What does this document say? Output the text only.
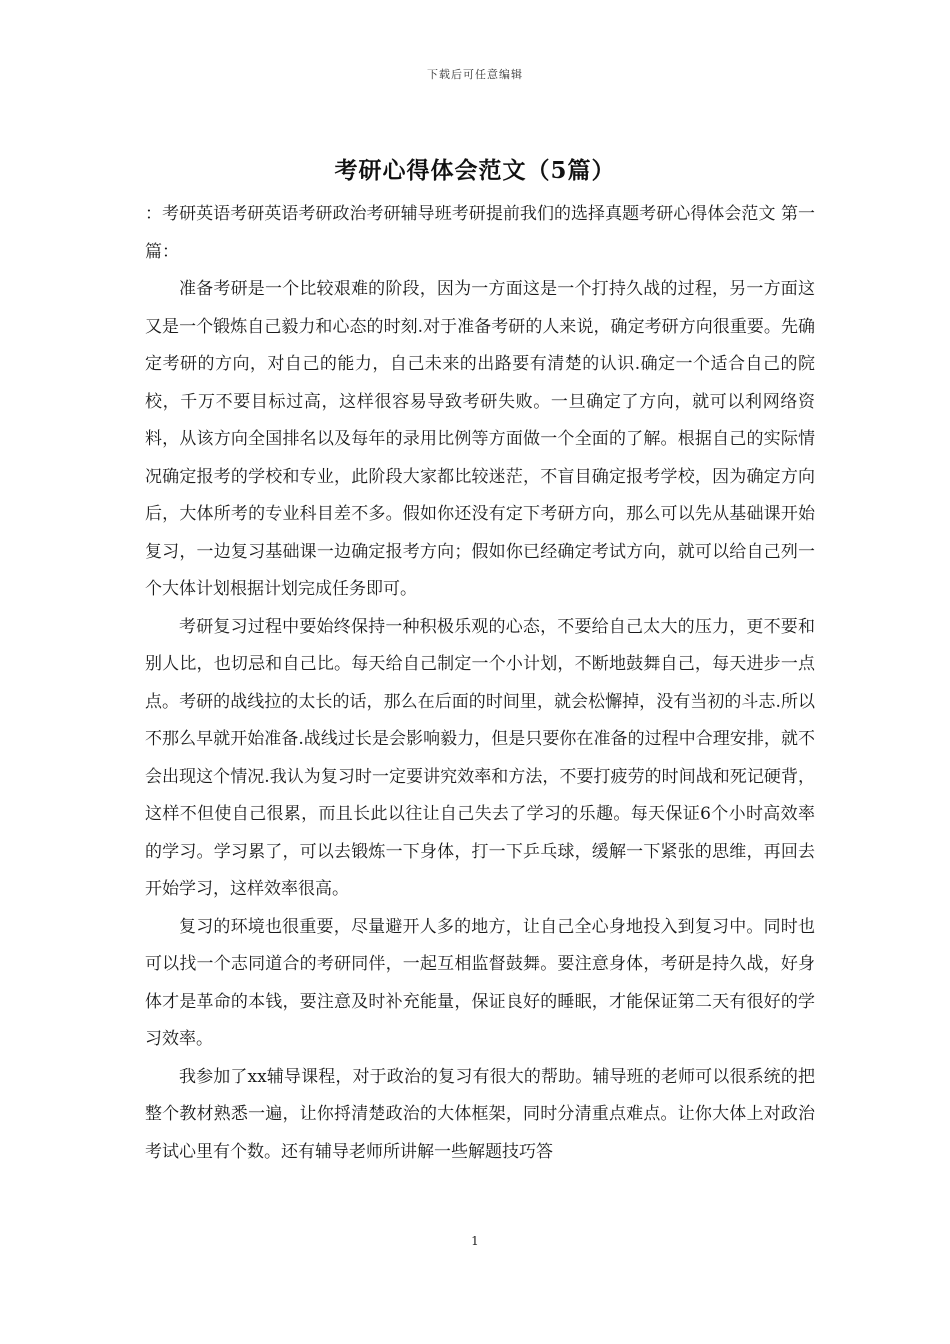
下载后可任意编辑
考研心得体会范文（5篇）

：考研英语考研英语考研政治考研辅导班考研提前我们的选择真题考研心得体会范文 第一篇：

准备考研是一个比较艰难的阶段，因为一方面这是一个打持久战的过程，另一方面这又是一个锻炼自己毅力和心态的时刻.对于准备考研的人来说，确定考研方向很重要。先确定考研的方向，对自己的能力，自己未来的出路要有清楚的认识.确定一个适合自己的院校，千万不要目标过高，这样很容易导致考研失败。一旦确定了方向，就可以利网络资料，从该方向全国排名以及每年的录用比例等方面做一个全面的了解。根据自己的实际情况确定报考的学校和专业，此阶段大家都比较迷茫，不盲目确定报考学校，因为确定方向后，大体所考的专业科目差不多。假如你还没有定下考研方向，那么可以先从基础课开始复习，一边复习基础课一边确定报考方向；假如你已经确定考试方向，就可以给自己列一个大体计划根据计划完成任务即可。

考研复习过程中要始终保持一种积极乐观的心态，不要给自己太大的压力，更不要和别人比，也切忌和自己比。每天给自己制定一个小计划，不断地鼓舞自己，每天进步一点点。考研的战线拉的太长的话，那么在后面的时间里，就会松懈掉，没有当初的斗志.所以不那么早就开始准备.战线过长是会影响毅力，但是只要你在准备的过程中合理安排，就不会出现这个情况.我认为复习时一定要讲究效率和方法，不要打疲劳的时间战和死记硬背，这样不但使自己很累，而且长此以往让自己失去了学习的乐趣。每天保证6个小时高效率的学习。学习累了，可以去锻炼一下身体，打一下乒乓球，缓解一下紧张的思维，再回去开始学习，这样效率很高。

复习的环境也很重要，尽量避开人多的地方，让自己全心身地投入到复习中。同时也可以找一个志同道合的考研同伴，一起互相监督鼓舞。要注意身体，考研是持久战，好身体才是革命的本钱，要注意及时补充能量，保证良好的睡眠，才能保证第二天有很好的学习效率。

我参加了xx辅导课程，对于政治的复习有很大的帮助。辅导班的老师可以很系统的把整个教材熟悉一遍，让你捋清楚政治的大体框架，同时分清重点难点。让你大体上对政治考试心里有个数。还有辅导老师所讲解一些解题技巧答

1
